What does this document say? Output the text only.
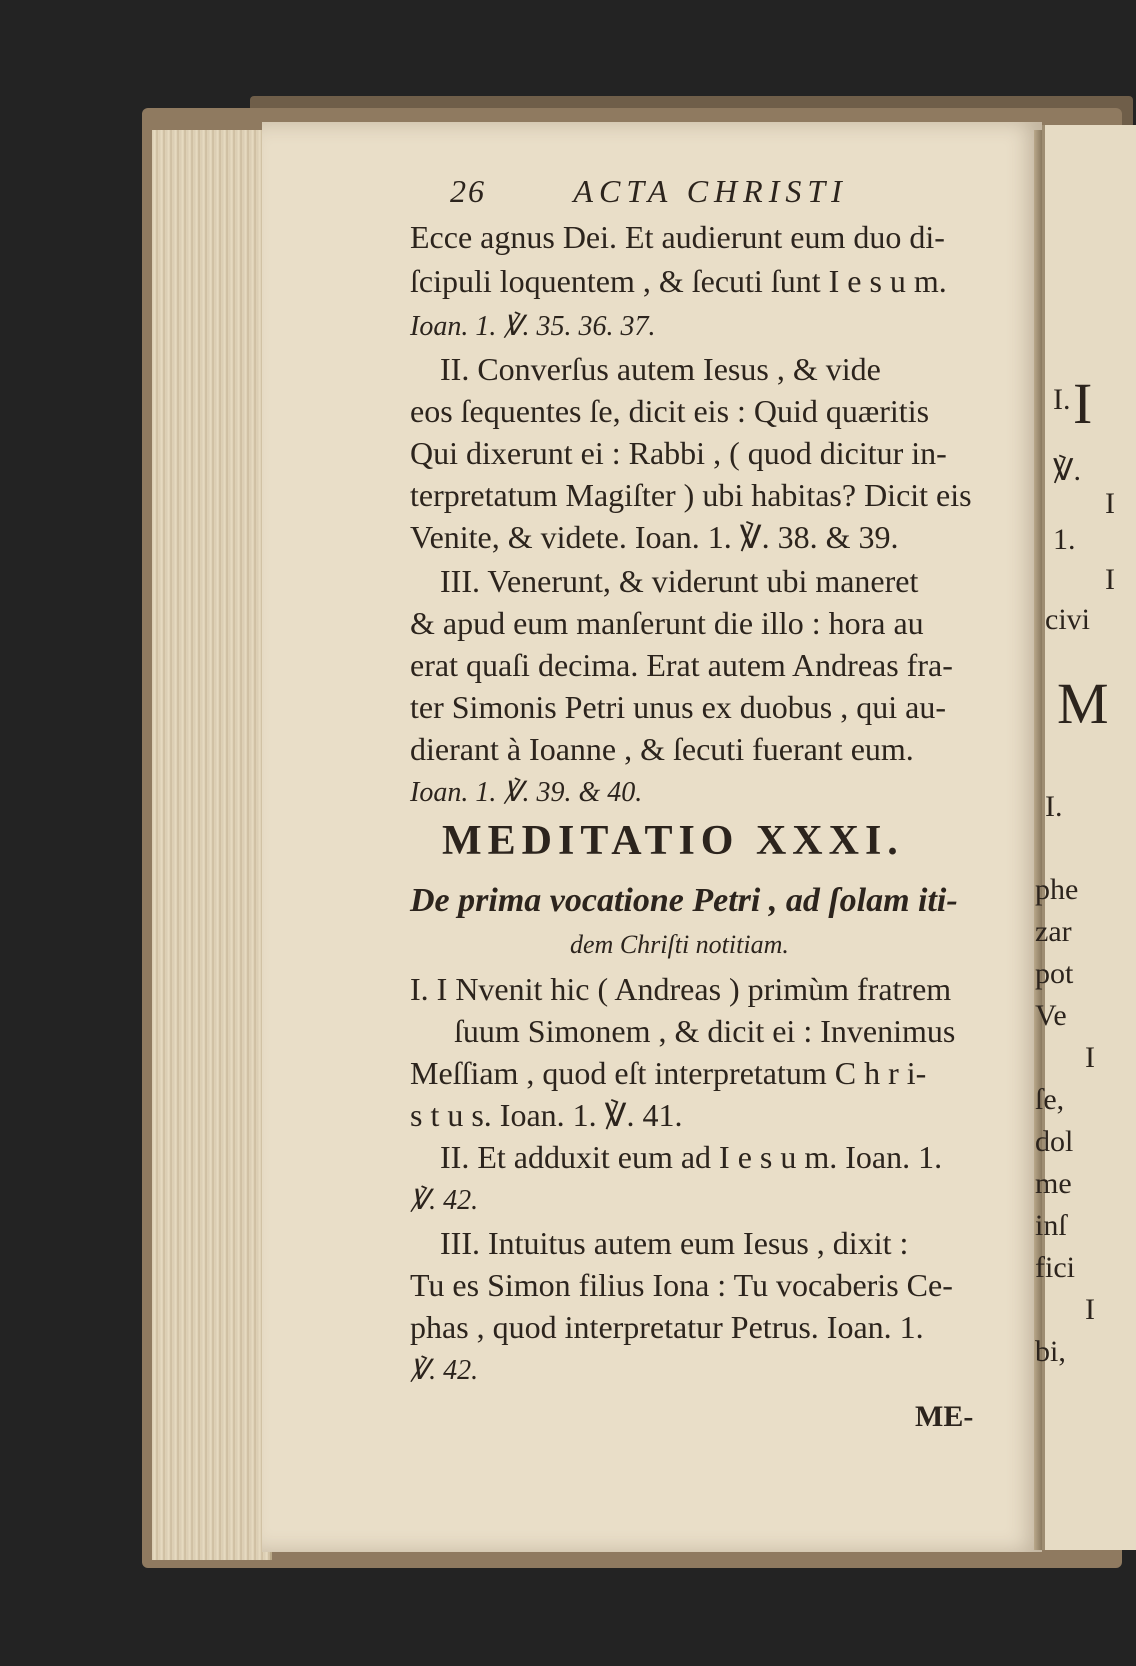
I. I
℣.
I
1.
I
civi
M
I.
phe
zar
pot
Ve
I
ſe,
dol
me
inſ
fici
I
bi,
26	ACTA CHRISTI
Ecce agnus Dei. Et audierunt eum duo di-
ſcipuli loquentem , & ſecuti ſunt I e s u m.
Ioan. 1. ℣. 35. 36. 37.
II. Converſus autem Iesus , & vide
eos ſequentes ſe, dicit eis : Quid quæritis
Qui dixerunt ei : Rabbi , ( quod dicitur in-
terpretatum Magiſter ) ubi habitas? Dicit eis
Venite, & videte. Ioan. 1. ℣. 38. & 39.
III. Venerunt, & viderunt ubi maneret
& apud eum manſerunt die illo : hora au
erat quaſi decima. Erat autem Andreas fra-
ter Simonis Petri unus ex duobus , qui au-
dierant à Ioanne , & ſecuti fuerant eum.
Ioan. 1. ℣. 39. & 40.
MEDITATIO XXXI.
De prima vocatione Petri , ad ſolam iti-
dem Chriſti notitiam.
I. I Nvenit hic ( Andreas ) primùm fratrem
ſuum Simonem , & dicit ei : Invenimus
Meſſiam , quod eſt interpretatum C h r i-
s t u s. Ioan. 1. ℣. 41.
II. Et adduxit eum ad I e s u m. Ioan. 1.
℣. 42.
III. Intuitus autem eum Iesus , dixit :
Tu es Simon filius Iona : Tu vocaberis Ce-
phas , quod interpretatur Petrus. Ioan. 1.
℣. 42.
ME-
